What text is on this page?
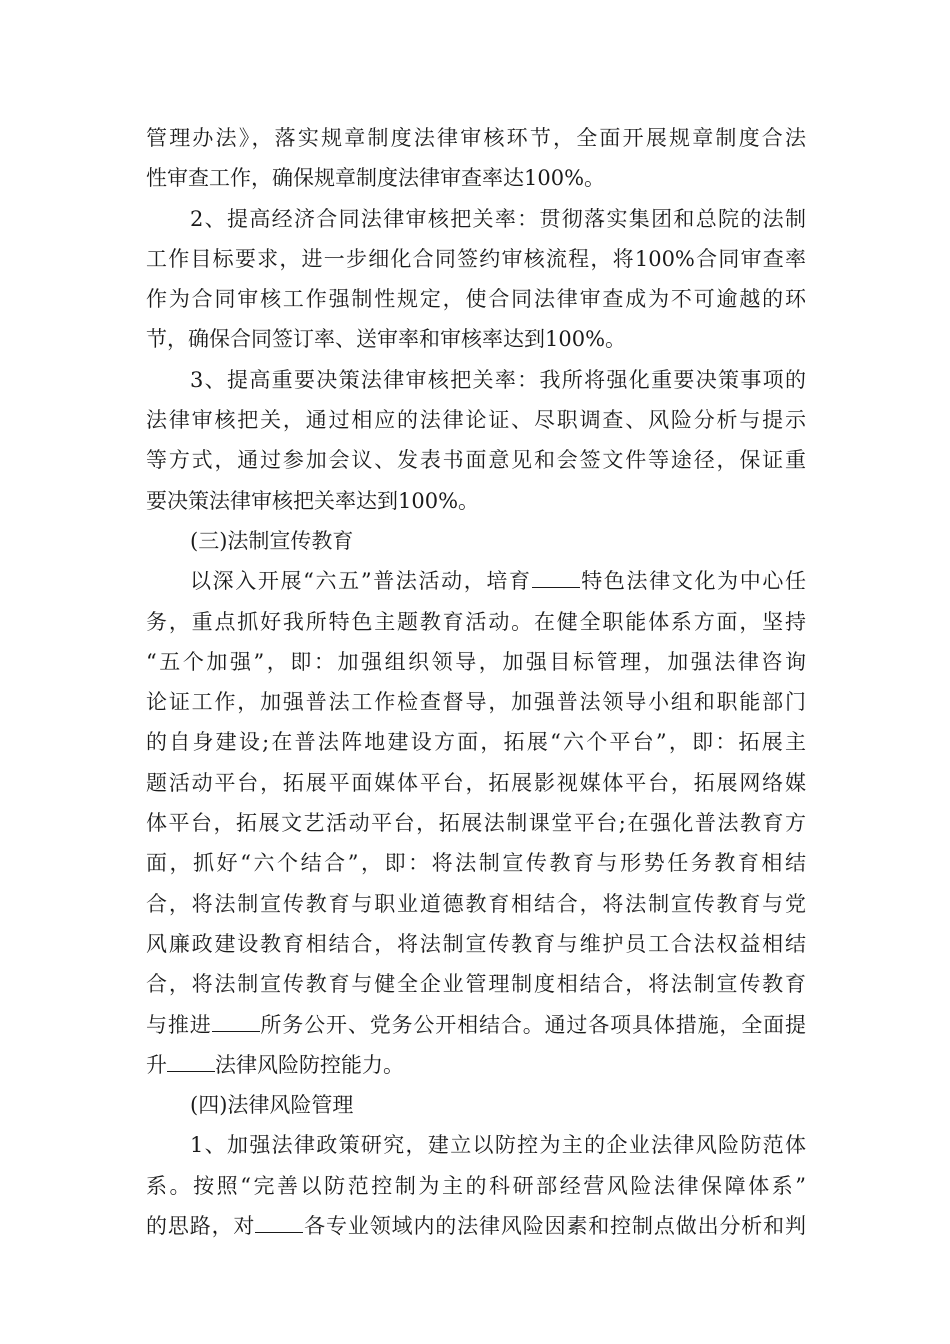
管理办法》，落实规章制度法律审核环节，全面开展规章制度合法
性审查工作，确保规章制度法律审查率达100%。
2、提高经济合同法律审核把关率：贯彻落实集团和总院的法制
工作目标要求，进一步细化合同签约审核流程，将100%合同审查率
作为合同审核工作强制性规定，使合同法律审查成为不可逾越的环
节，确保合同签订率、送审率和审核率达到100%。
3、提高重要决策法律审核把关率：我所将强化重要决策事项的
法律审核把关，通过相应的法律论证、尽职调查、风险分析与提示
等方式，通过参加会议、发表书面意见和会签文件等途径，保证重
要决策法律审核把关率达到100%。
(三)法制宣传教育
以深入开展“六五”普法活动，培育 特色法律文化为中心任
务，重点抓好我所特色主题教育活动。在健全职能体系方面，坚持
“五个加强”，即：加强组织领导，加强目标管理，加强法律咨询
论证工作，加强普法工作检查督导，加强普法领导小组和职能部门
的自身建设;在普法阵地建设方面，拓展“六个平台”，即：拓展主
题活动平台，拓展平面媒体平台，拓展影视媒体平台，拓展网络媒
体平台，拓展文艺活动平台，拓展法制课堂平台;在强化普法教育方
面，抓好“六个结合”，即：将法制宣传教育与形势任务教育相结
合，将法制宣传教育与职业道德教育相结合，将法制宣传教育与党
风廉政建设教育相结合，将法制宣传教育与维护员工合法权益相结
合，将法制宣传教育与健全企业管理制度相结合，将法制宣传教育
与推进 所务公开、党务公开相结合。通过各项具体措施，全面提
升 法律风险防控能力。
(四)法律风险管理
1、加强法律政策研究，建立以防控为主的企业法律风险防范体
系。按照“完善以防范控制为主的科研部经营风险法律保障体系”
的思路，对 各专业领域内的法律风险因素和控制点做出分析和判
